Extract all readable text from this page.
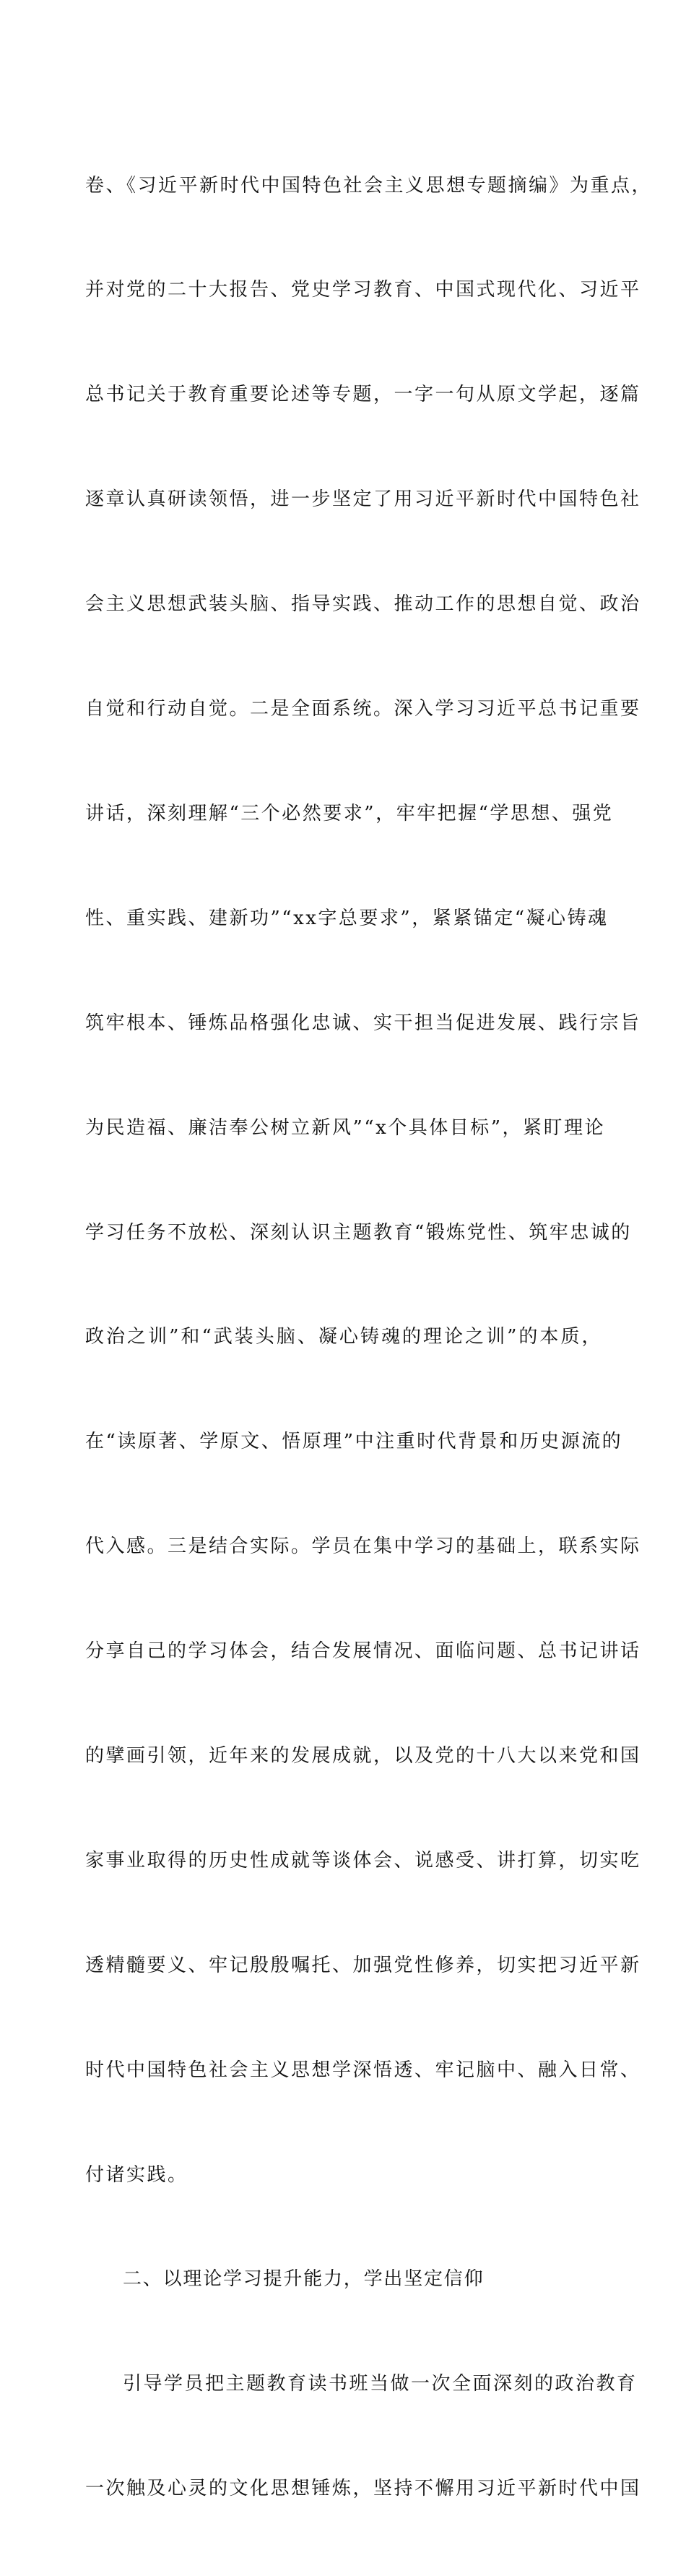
卷、《习近平新时代中国特色社会主义思想专题摘编》为重点，

并对党的二十大报告、党史学习教育、中国式现代化、习近平

总书记关于教育重要论述等专题，一字一句从原文学起，逐篇

逐章认真研读领悟，进一步坚定了用习近平新时代中国特色社

会主义思想武装头脑、指导实践、推动工作的思想自觉、政治

自觉和行动自觉。二是全面系统。深入学习习近平总书记重要

讲话，深刻理解“三个必然要求”，牢牢把握“学思想、强党

性、重实践、建新功”“xx字总要求”，紧紧锚定“凝心铸魂

筑牢根本、锤炼品格强化忠诚、实干担当促进发展、践行宗旨

为民造福、廉洁奉公树立新风”“x个具体目标”，紧盯理论

学习任务不放松、深刻认识主题教育“锻炼党性、筑牢忠诚的

政治之训”和“武装头脑、凝心铸魂的理论之训”的本质，

在“读原著、学原文、悟原理”中注重时代背景和历史源流的

代入感。三是结合实际。学员在集中学习的基础上，联系实际

分享自己的学习体会，结合发展情况、面临问题、总书记讲话

的擘画引领，近年来的发展成就，以及党的十八大以来党和国

家事业取得的历史性成就等谈体会、说感受、讲打算，切实吃

透精髓要义、牢记殷殷嘱托、加强党性修养，切实把习近平新

时代中国特色社会主义思想学深悟透、牢记脑中、融入日常、

付诸实践。

二、以理论学习提升能力，学出坚定信仰

引导学员把主题教育读书班当做一次全面深刻的政治教育

一次触及心灵的文化思想锤炼，坚持不懈用习近平新时代中国
